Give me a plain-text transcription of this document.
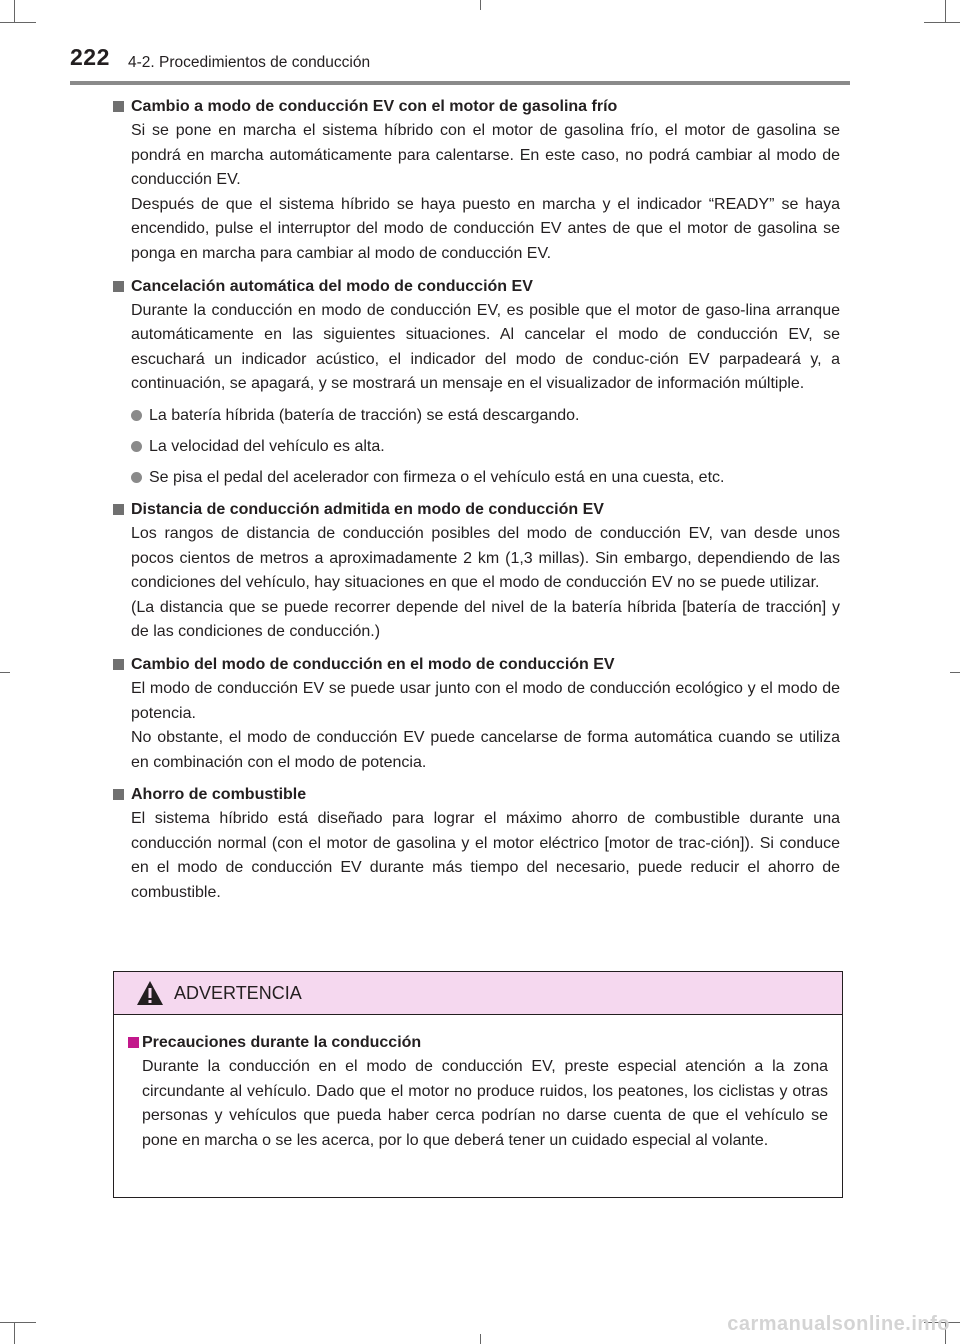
222 4-2. Procedimientos de conducción
Cambio a modo de conducción EV con el motor de gasolina frío
Si se pone en marcha el sistema híbrido con el motor de gasolina frío, el motor de gasolina se pondrá en marcha automáticamente para calentarse. En este caso, no podrá cambiar al modo de conducción EV.
Después de que el sistema híbrido se haya puesto en marcha y el indicador “READY” se haya encendido, pulse el interruptor del modo de conducción EV antes de que el motor de gasolina se ponga en marcha para cambiar al modo de conducción EV.
Cancelación automática del modo de conducción EV
Durante la conducción en modo de conducción EV, es posible que el motor de gaso-lina arranque automáticamente en las siguientes situaciones. Al cancelar el modo de conducción EV, se escuchará un indicador acústico, el indicador del modo de conduc-ción EV parpadeará y, a continuación, se apagará, y se mostrará un mensaje en el visualizador de información múltiple.
La batería híbrida (batería de tracción) se está descargando.
La velocidad del vehículo es alta.
Se pisa el pedal del acelerador con firmeza o el vehículo está en una cuesta, etc.
Distancia de conducción admitida en modo de conducción EV
Los rangos de distancia de conducción posibles del modo de conducción EV, van desde unos pocos cientos de metros a aproximadamente 2 km (1,3 millas). Sin embargo, dependiendo de las condiciones del vehículo, hay situaciones en que el modo de conducción EV no se puede utilizar.
(La distancia que se puede recorrer depende del nivel de la batería híbrida [batería de tracción] y de las condiciones de conducción.)
Cambio del modo de conducción en el modo de conducción EV
El modo de conducción EV se puede usar junto con el modo de conducción ecológico y el modo de potencia.
No obstante, el modo de conducción EV puede cancelarse de forma automática cuando se utiliza en combinación con el modo de potencia.
Ahorro de combustible
El sistema híbrido está diseñado para lograr el máximo ahorro de combustible durante una conducción normal (con el motor de gasolina y el motor eléctrico [motor de trac-ción]). Si conduce en el modo de conducción EV durante más tiempo del necesario, puede reducir el ahorro de combustible.
ADVERTENCIA
Precauciones durante la conducción
Durante la conducción en el modo de conducción EV, preste especial atención a la zona circundante al vehículo. Dado que el motor no produce ruidos, los peatones, los ciclistas y otras personas y vehículos que pueda haber cerca podrían no darse cuenta de que el vehículo se pone en marcha o se les acerca, por lo que deberá tener un cuidado especial al volante.
carmanualsonline.info
